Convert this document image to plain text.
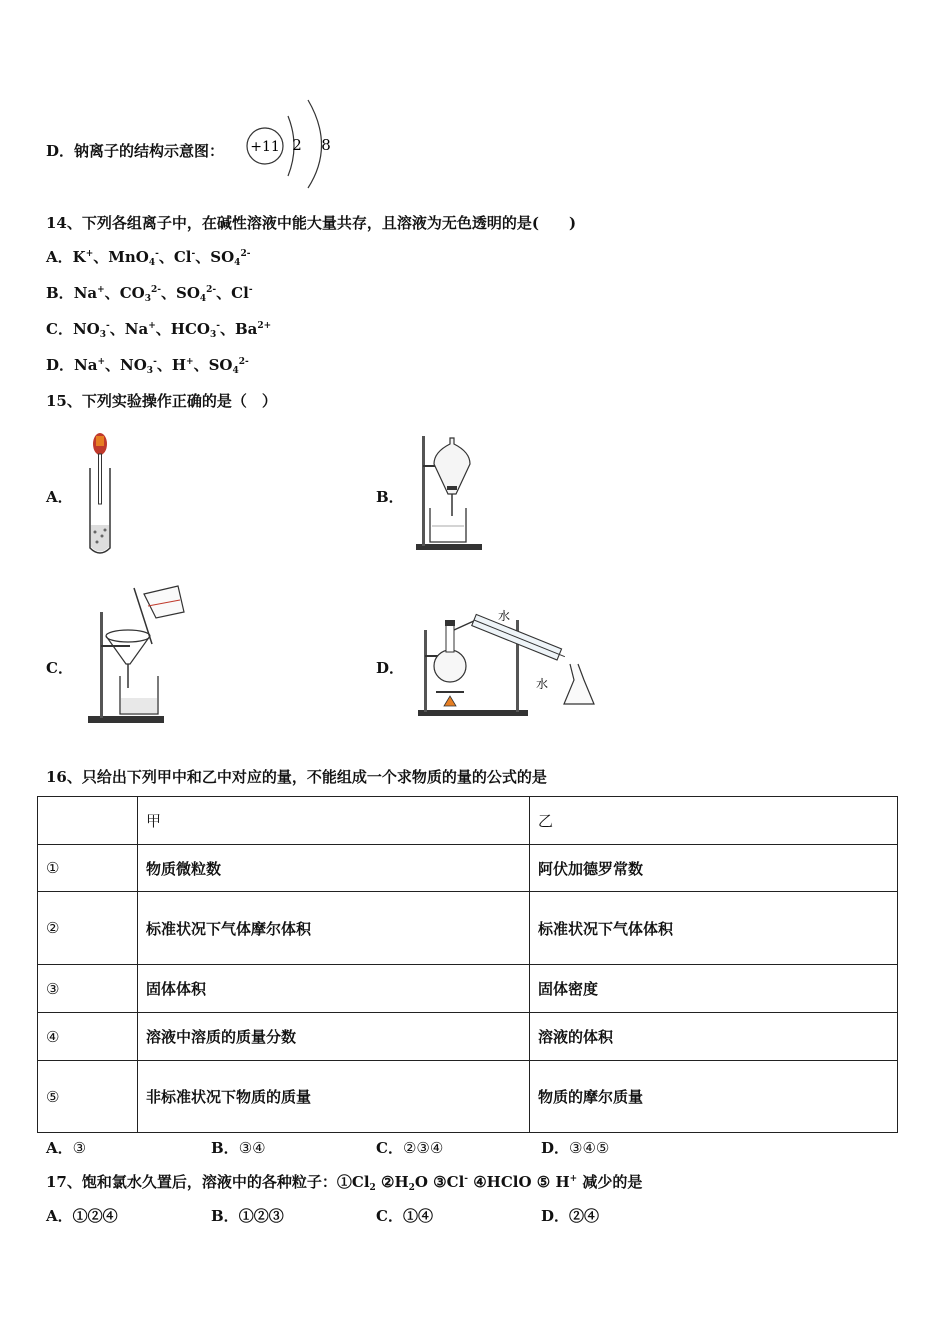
D．钠离子的结构示意图： +11 2 8
14、下列各组离子中，在碱性溶液中能大量共存，且溶液为无色透明的是(　　)
A．K+、MnO$_4$-、Cl-、$SO_4^{2-}$
B．Na+、$CO_3^{2-}$、$SO_4^{2-}$、Cl-
C．$NO_3^-$、Na+、$HCO_3^-$、$Ba^{2+}$
D．Na+、$NO_3^-$、H+、$SO_4^{2-}$
15、下列实验操作正确的是（　）
A．	B．
C．	D．
水
水
16、只给出下列甲中和乙中对应的量，不能组成一个求物质的量的公式的是
	甲	乙
①	物质微粒数	阿伏加德罗常数
②	标准状况下气体摩尔体积	标准状况下气体体积
③	固体体积	固体密度
④	溶液中溶质的质量分数	溶液的体积
⑤	非标准状况下物质的质量	物质的摩尔质量
A．③	B．③④	C．②③④	D．③④⑤
17、饱和氯水久置后，溶液中的各种粒子：$①Cl_2$ $②H_2O$ ③Cl- ④HClO ⑤ H+ 减少的是
A．①②④	B．①②③	C．①④	D．②④
